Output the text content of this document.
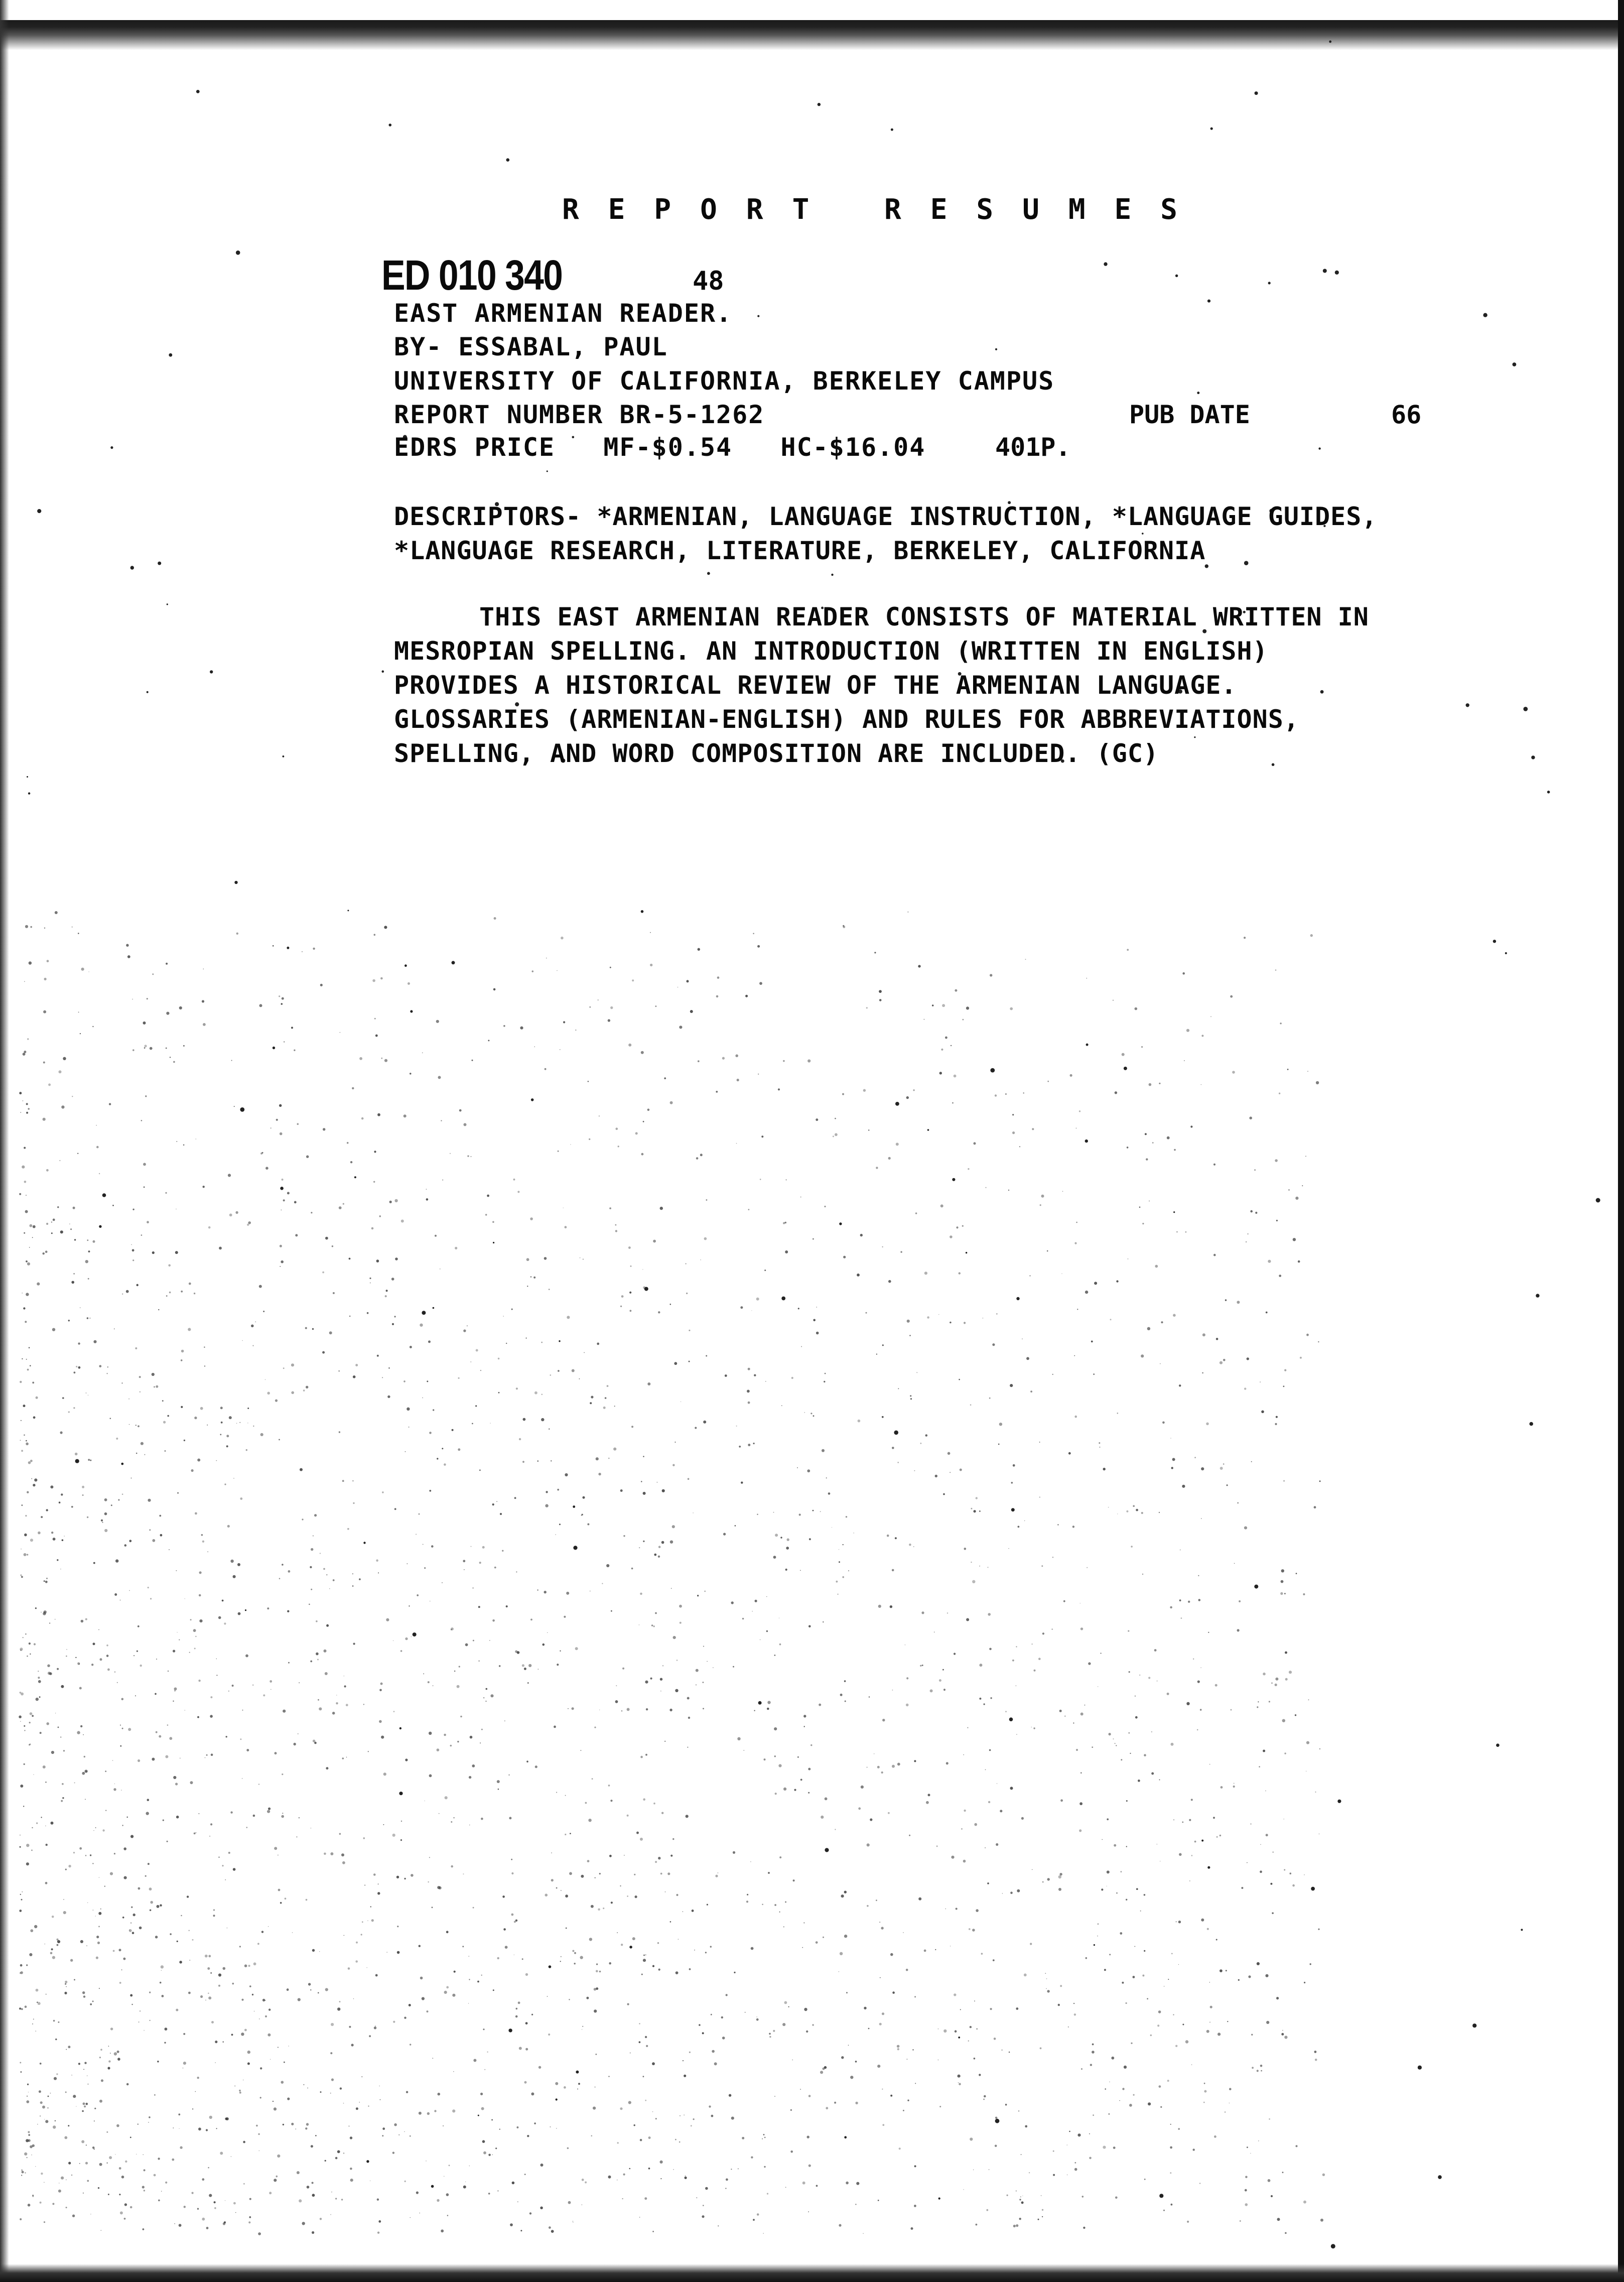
REPORT RESUMES
ED 010 340	48
EAST ARMENIAN READER.
BY- ESSABAL, PAUL
UNIVERSITY OF CALIFORNIA, BERKELEY CAMPUS
REPORT NUMBER BR-5-1262	PUB DATE	66
EDRS PRICE   MF-$0.54   HC-$16.04	401P.
DESCRIPTORS- *ARMENIAN, LANGUAGE INSTRUCTION, *LANGUAGE GUIDES, *LANGUAGE RESEARCH, LITERATURE, BERKELEY, CALIFORNIA
THIS EAST ARMENIAN READER CONSISTS OF MATERIAL WRITTEN IN MESROPIAN SPELLING. AN INTRODUCTION (WRITTEN IN ENGLISH) PROVIDES A HISTORICAL REVIEW OF THE ARMENIAN LANGUAGE. GLOSSARIES (ARMENIAN-ENGLISH) AND RULES FOR ABBREVIATIONS, SPELLING, AND WORD COMPOSITION ARE INCLUDED. (GC)
